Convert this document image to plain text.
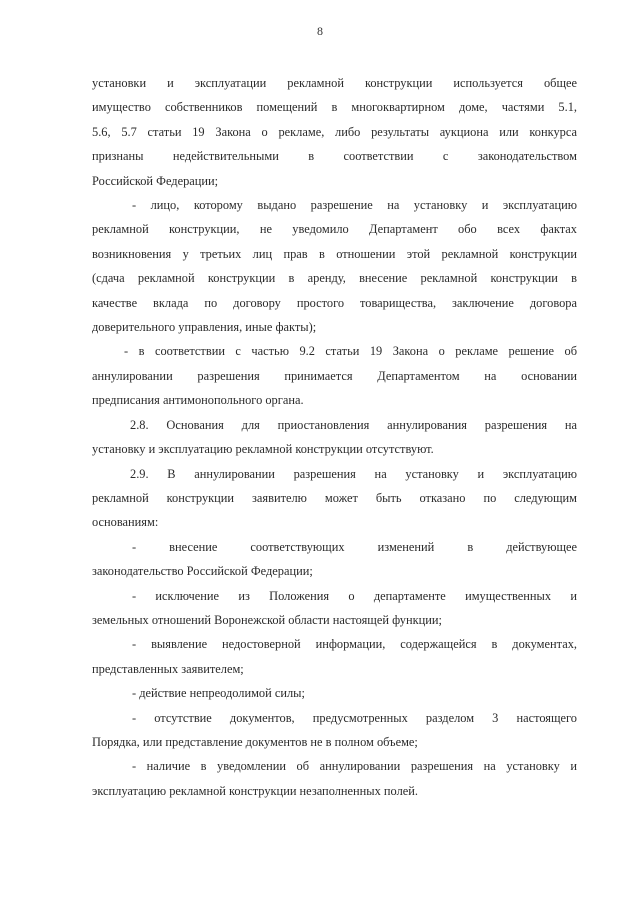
8

установки и эксплуатации рекламной конструкции используется общее
имущество собственников помещений в многоквартирном доме, частями 5.1,
5.6, 5.7 статьи 19 Закона о рекламе, либо результаты аукциона или конкурса
признаны недействительными в соответствии с законодательством
Российской Федерации;
- лицо, которому выдано разрешение на установку и эксплуатацию
рекламной конструкции, не уведомило Департамент обо всех фактах
возникновения у третьих лиц прав в отношении этой рекламной конструкции
(сдача рекламной конструкции в аренду, внесение рекламной конструкции в
качестве вклада по договору простого товарищества, заключение договора
доверительного управления, иные факты);
- в соответствии с частью 9.2 статьи 19 Закона о рекламе решение об
аннулировании разрешения принимается Департаментом на основании
предписания антимонопольного органа.
2.8. Основания для приостановления аннулирования разрешения на
установку и эксплуатацию рекламной конструкции отсутствуют.
2.9. В аннулировании разрешения на установку и эксплуатацию
рекламной конструкции заявителю может быть отказано по следующим
основаниям:
- внесение соответствующих изменений в действующее
законодательство Российской Федерации;
- исключение из Положения о департаменте имущественных и
земельных отношений Воронежской области настоящей функции;
- выявление недостоверной информации, содержащейся в документах,
представленных заявителем;
- действие непреодолимой силы;
- отсутствие документов, предусмотренных разделом 3 настоящего
Порядка, или представление документов не в полном объеме;
- наличие в уведомлении об аннулировании разрешения на установку и
эксплуатацию рекламной конструкции незаполненных полей.
